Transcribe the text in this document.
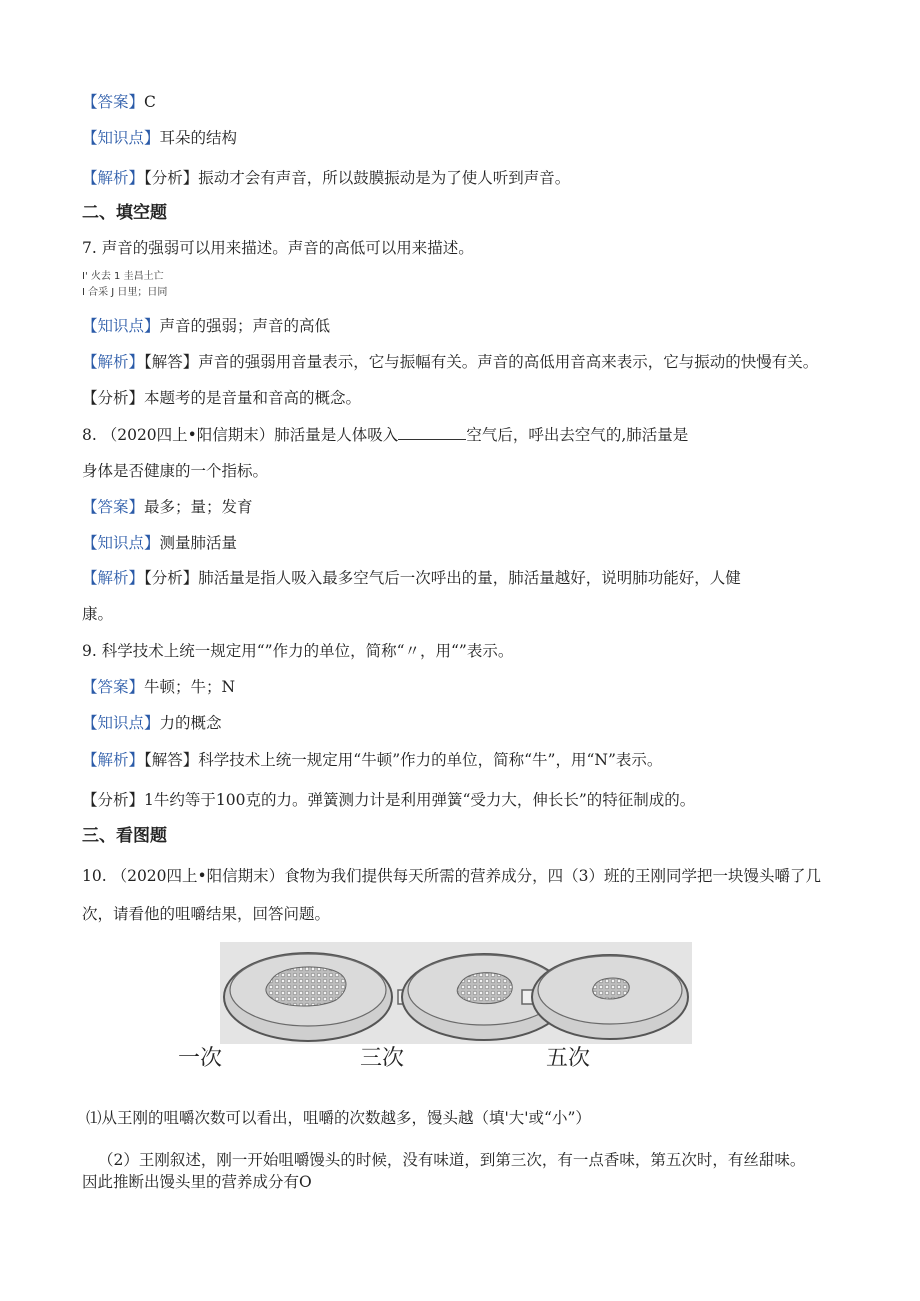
【答案】C
【知识点】耳朵的结构
【解析】【分析】振动才会有声音，所以鼓膜振动是为了使人听到声音。
二、填空题
7. 声音的强弱可以用来描述。声音的高低可以用来描述。
I' 火去 1 圭昌土亡
I 合采 J 日里；日同
【知识点】声音的强弱；声音的高低
【解析】【解答】声音的强弱用音量表示，它与振幅有关。声音的高低用音高来表示，它与振动的快慢有关。
【分析】本题考的是音量和音高的概念。
8. （2020四上•阳信期末）肺活量是人体吸入	空气后，呼出去空气的,肺活量是
身体是否健康的一个指标。
【答案】最多；量；发育
【知识点】测量肺活量
【解析】【分析】肺活量是指人吸入最多空气后一次呼出的量，肺活量越好，说明肺功能好，人健
康。
9. 科学技术上统一规定用“”作力的单位，简称“〃，用“”表示。
【答案】牛顿；牛；N
【知识点】力的概念
【解析】【解答】科学技术上统一规定用“牛顿”作力的单位，简称“牛”，用“N”表示。
【分析】1牛约等于100克的力。弹簧测力计是利用弹簧“受力大，伸长长”的特征制成的。
三、看图题
10. （2020四上•阳信期末）食物为我们提供每天所需的营养成分，四（3）班的王刚同学把一块馒头嚼了几
次，请看他的咀嚼结果，回答问题。
一次	三次	五次
⑴从王刚的咀嚼次数可以看出，咀嚼的次数越多，馒头越（填'大'或“小”）
（2）王刚叙述，刚一开始咀嚼馒头的时候，没有味道，到第三次，有一点香味，第五次时，有丝甜味。
因此推断出馒头里的营养成分有O
